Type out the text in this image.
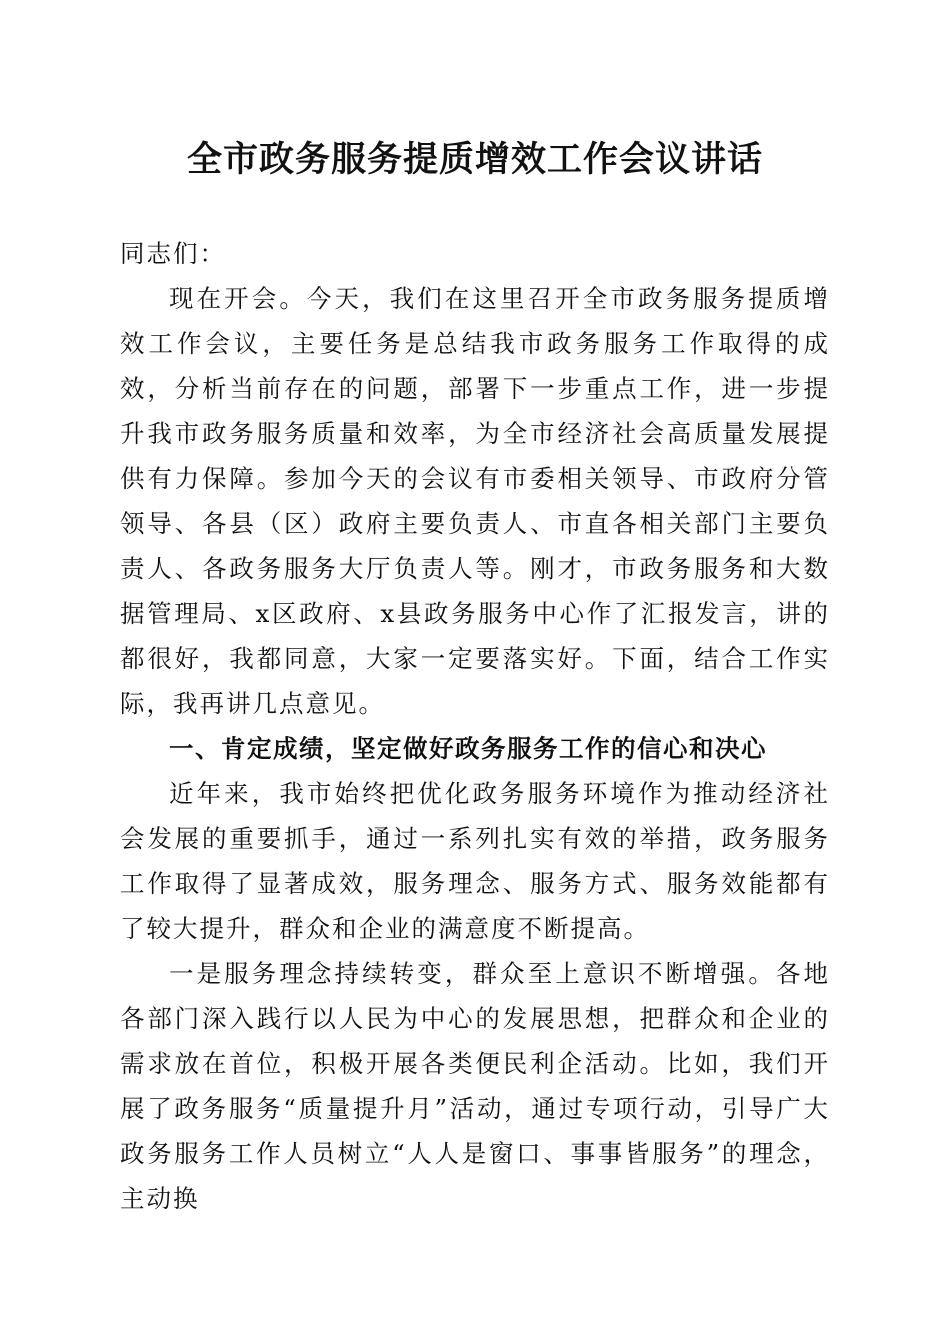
全市政务服务提质增效工作会议讲话

同志们：

现在开会。今天，我们在这里召开全市政务服务提质增效工作会议，主要任务是总结我市政务服务工作取得的成效，分析当前存在的问题，部署下一步重点工作，进一步提升我市政务服务质量和效率，为全市经济社会高质量发展提供有力保障。参加今天的会议有市委相关领导、市政府分管领导、各县（区）政府主要负责人、市直各相关部门主要负责人、各政务服务大厅负责人等。刚才，市政务服务和大数据管理局、x区政府、x县政务服务中心作了汇报发言，讲的都很好，我都同意，大家一定要落实好。下面，结合工作实际，我再讲几点意见。

一、肯定成绩，坚定做好政务服务工作的信心和决心

近年来，我市始终把优化政务服务环境作为推动经济社会发展的重要抓手，通过一系列扎实有效的举措，政务服务工作取得了显著成效，服务理念、服务方式、服务效能都有了较大提升，群众和企业的满意度不断提高。

一是服务理念持续转变，群众至上意识不断增强。各地各部门深入践行以人民为中心的发展思想，把群众和企业的需求放在首位，积极开展各类便民利企活动。比如，我们开展了政务服务“质量提升月”活动，通过专项行动，引导广大政务服务工作人员树立“人人是窗口、事事皆服务”的理念，主动换
